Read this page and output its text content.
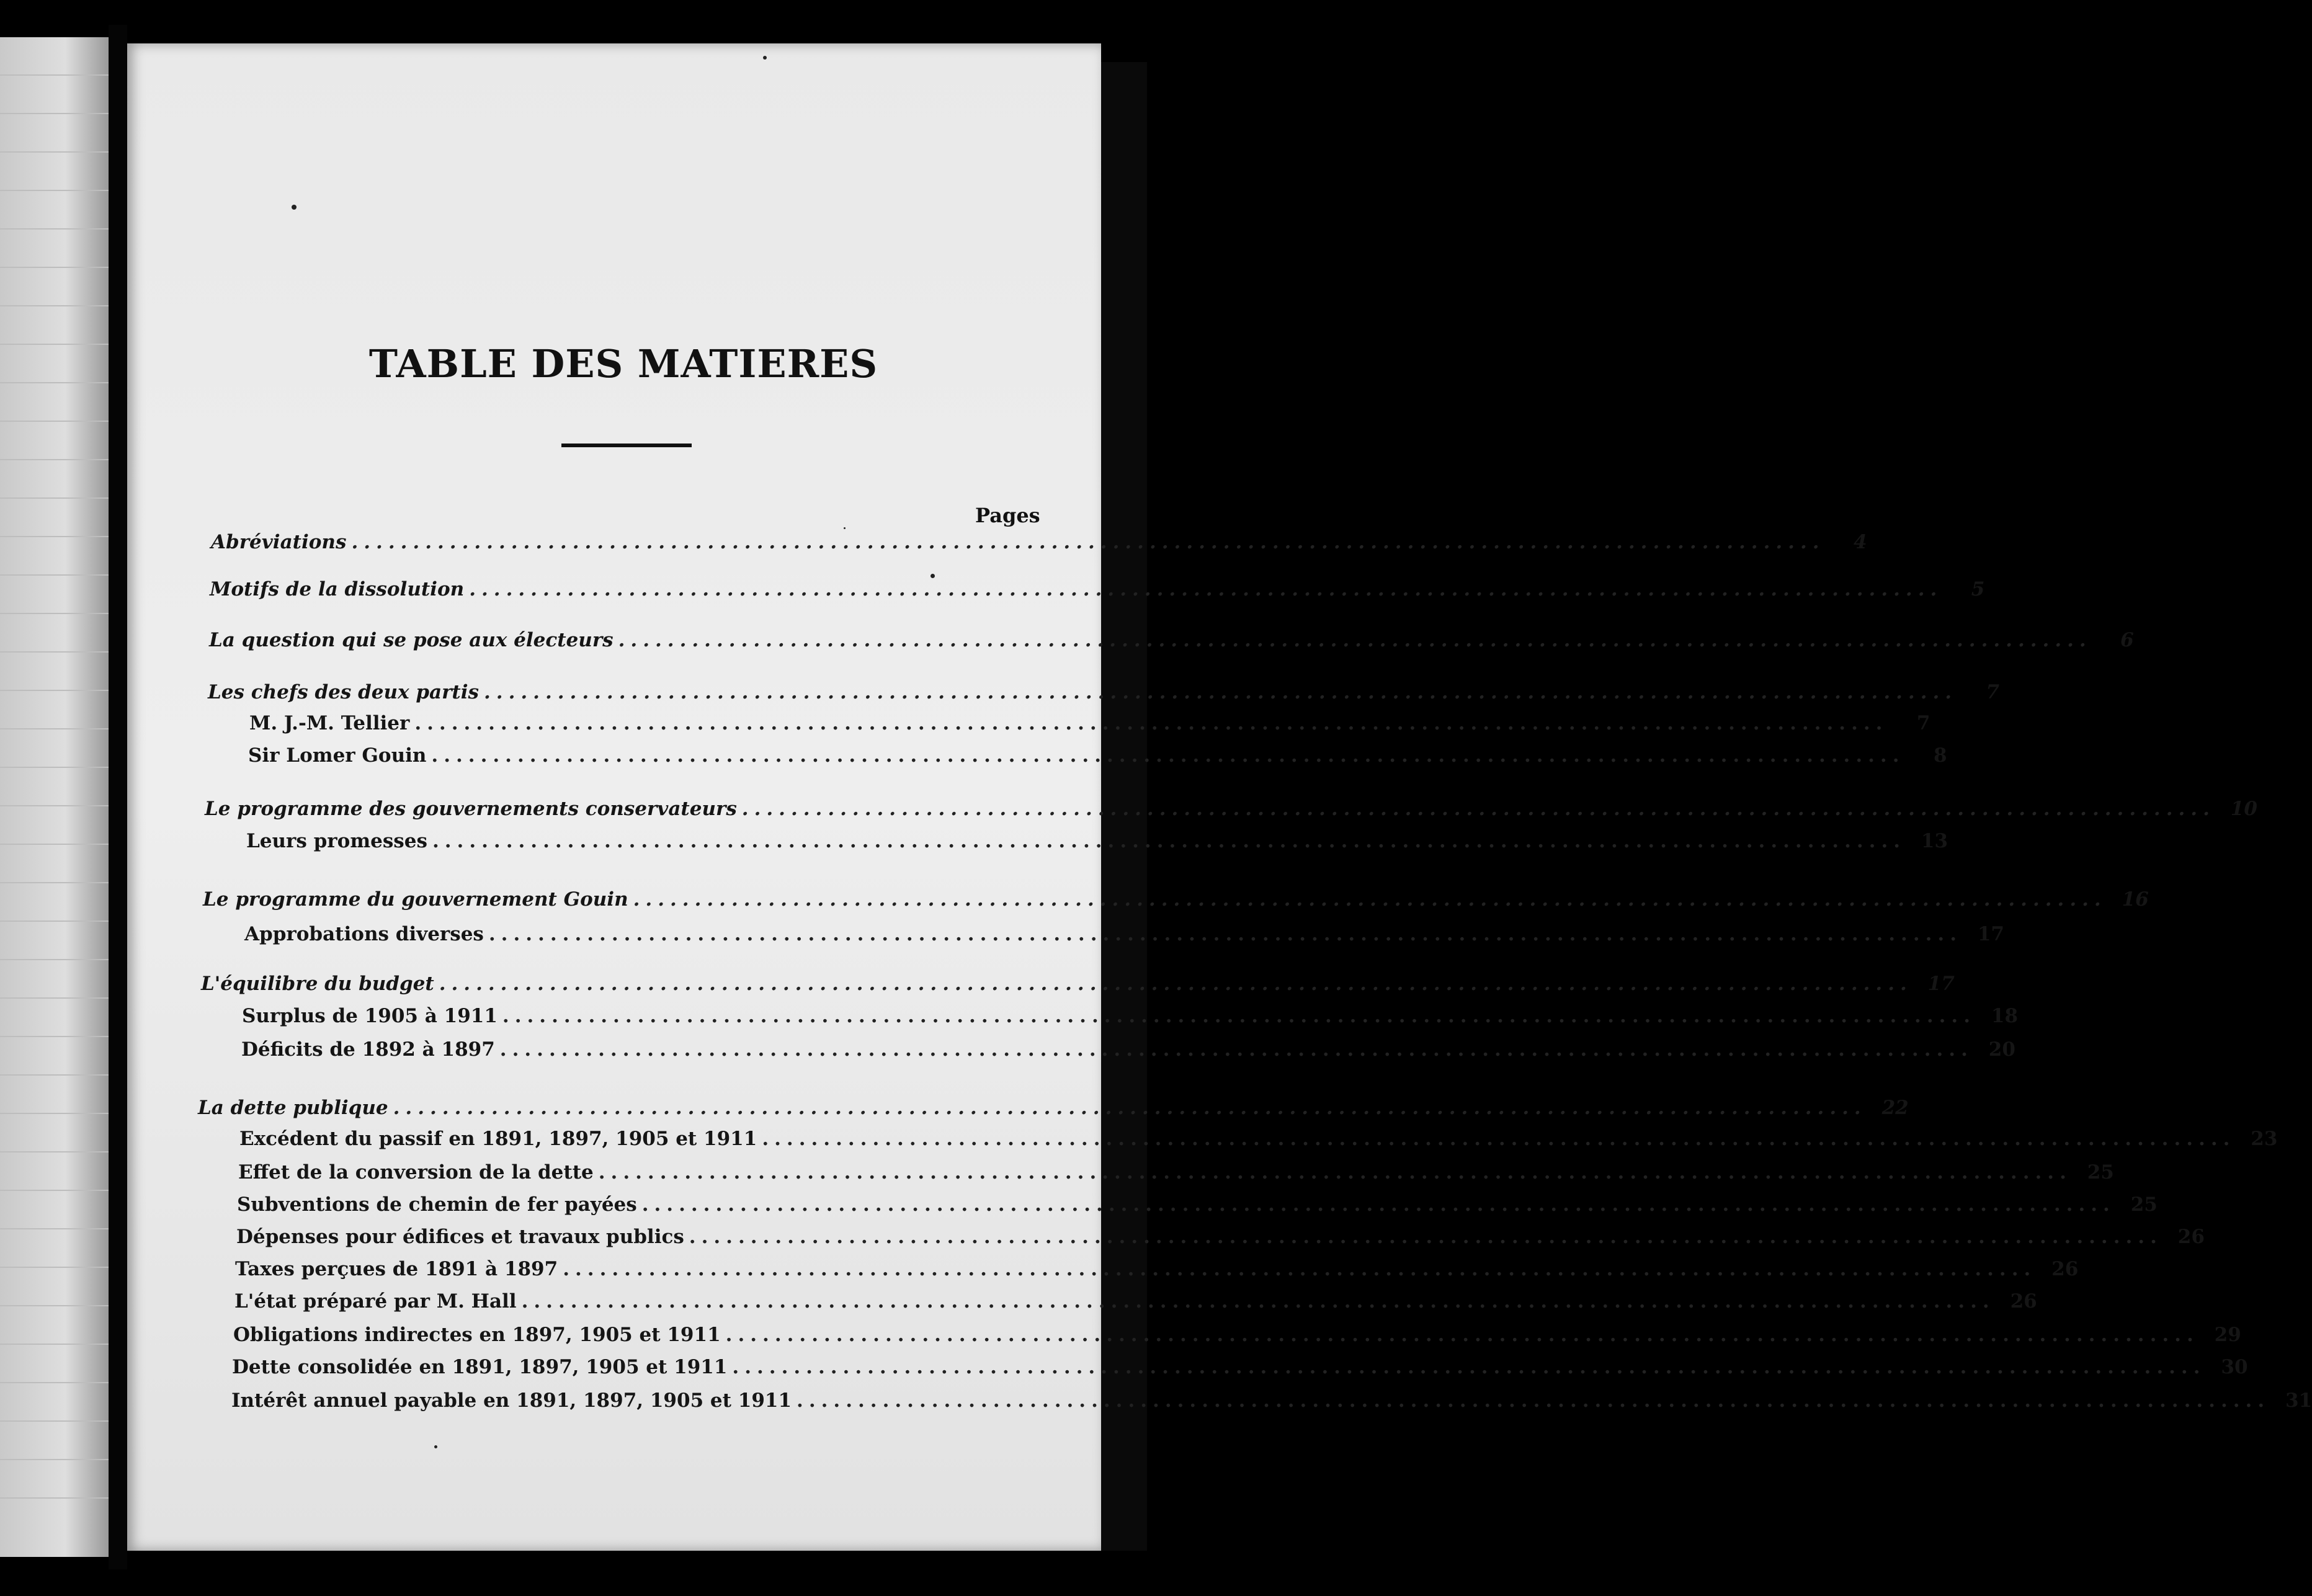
TABLE DES MATIERES
Pages
Abréviations ........................................................................................................................	4
Motifs de la dissolution ........................................................................................................................	5
La question qui se pose aux électeurs ........................................................................................................................	6
Les chefs des deux partis ........................................................................................................................	7
M. J.-M. Tellier ........................................................................................................................	7
Sir Lomer Gouin ........................................................................................................................	8
Le programme des gouvernements conservateurs ........................................................................................................................ 10
Leurs promesses ........................................................................................................................ 13
Le programme du gouvernement Gouin ........................................................................................................................ 16
Approbations diverses ........................................................................................................................ 17
L'équilibre du budget ........................................................................................................................ 17
Surplus de 1905 à 1911 ........................................................................................................................ 18
Déficits de 1892 à 1897 ........................................................................................................................ 20
La dette publique ........................................................................................................................ 22
Excédent du passif en 1891, 1897, 1905 et 1911 ........................................................................................................................ 23
Effet de la conversion de la dette ........................................................................................................................ 25
Subventions de chemin de fer payées ........................................................................................................................ 25
Dépenses pour édifices et travaux publics ........................................................................................................................ 26
Taxes perçues de 1891 à 1897 ........................................................................................................................ 26
L'état préparé par M. Hall ........................................................................................................................ 26
Obligations indirectes en 1897, 1905 et 1911 ........................................................................................................................ 29
Dette consolidée en 1891, 1897, 1905 et 1911 ........................................................................................................................ 30
Intérêt annuel payable en 1891, 1897, 1905 et 1911 ........................................................................................................................ 31
